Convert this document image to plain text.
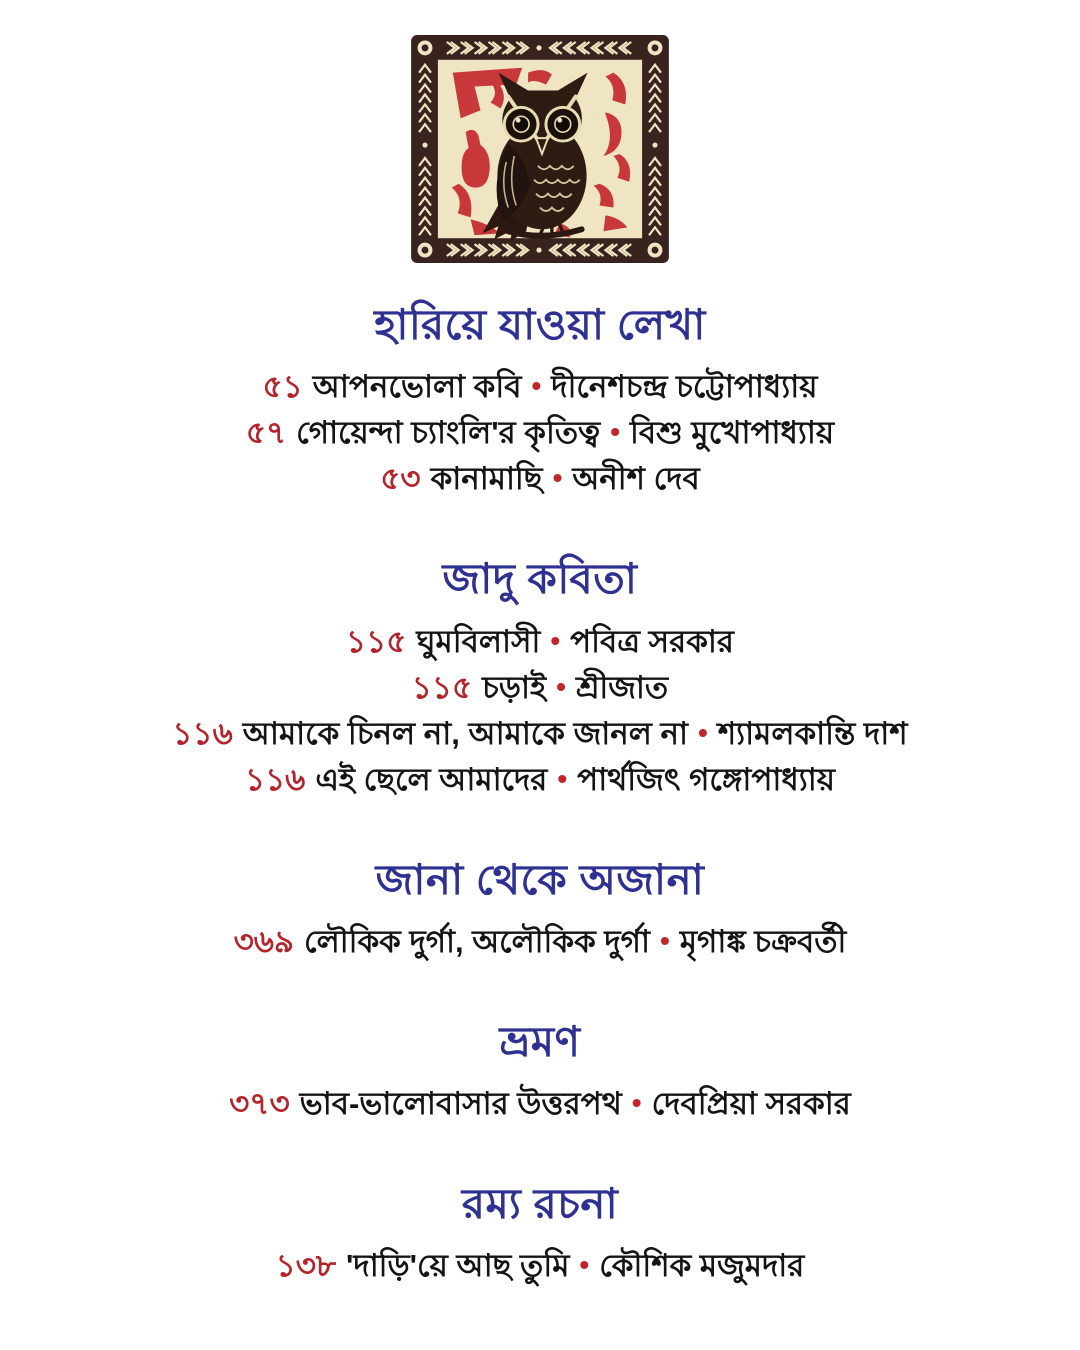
হারিয়ে যাওয়া লেখা

৫১ আপনভোলা কবি • দীনেশচন্দ্র চট্টোপাধ্যায়

৫৭ গোয়েন্দা চ্যাংলি'র কৃতিত্ব • বিশু মুখোপাধ্যায়

৫৩ কানামাছি • অনীশ দেব

জাদু কবিতা

১১৫ ঘুমবিলাসী • পবিত্র সরকার

১১৫ চড়াই • শ্রীজাত

১১৬ আমাকে চিনল না, আমাকে জানল না • শ্যামলকান্তি দাশ

১১৬ এই ছেলে আমাদের • পার্থজিৎ গঙ্গোপাধ্যায়

জানা থেকে অজানা

৩৬৯ লৌকিক দুর্গা, অলৌকিক দুর্গা • মৃগাঙ্ক চক্রবর্তী

ভ্রমণ

৩৭৩ ভাব-ভালোবাসার উত্তরপথ • দেবপ্রিয়া সরকার

রম্য রচনা

১৩৮ 'দাড়ি'য়ে আছ তুমি • কৌশিক মজুমদার
